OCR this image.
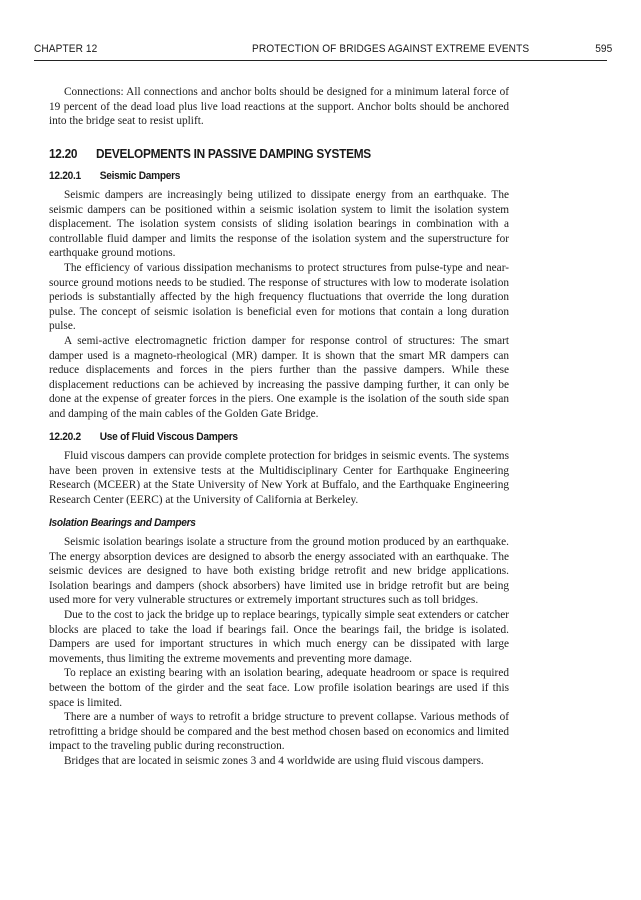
CHAPTER 12	PROTECTION OF BRIDGES AGAINST EXTREME EVENTS	595

Connections: All connections and anchor bolts should be designed for a minimum lateral force of 19 percent of the dead load plus live load reactions at the support. Anchor bolts should be anchored into the bridge seat to resist uplift.

12.20 DEVELOPMENTS IN PASSIVE DAMPING SYSTEMS
12.20.1 Seismic Dampers

Seismic dampers are increasingly being utilized to dissipate energy from an earthquake. The seismic dampers can be positioned within a seismic isolation system to limit the isolation system displacement. The isolation system consists of sliding isolation bearings in combination with a controllable fluid damper and limits the response of the isolation system and the superstructure for earthquake ground motions.

The efficiency of various dissipation mechanisms to protect structures from pulse-type and near-source ground motions needs to be studied. The response of structures with low to moderate isolation periods is substantially affected by the high frequency fluctuations that override the long duration pulse. The concept of seismic isolation is beneficial even for motions that contain a long duration pulse.

A semi-active electromagnetic friction damper for response control of structures: The smart damper used is a magneto-rheological (MR) damper. It is shown that the smart MR dampers can reduce displacements and forces in the piers further than the passive dampers. While these displacement reductions can be achieved by increasing the passive damping further, it can only be done at the expense of greater forces in the piers. One example is the isolation of the south side span and damping of the main cables of the Golden Gate Bridge.

12.20.2 Use of Fluid Viscous Dampers

Fluid viscous dampers can provide complete protection for bridges in seismic events. The systems have been proven in extensive tests at the Multidisciplinary Center for Earthquake Engineering Research (MCEER) at the State University of New York at Buffalo, and the Earthquake Engineering Research Center (EERC) at the University of California at Berkeley.

Isolation Bearings and Dampers

Seismic isolation bearings isolate a structure from the ground motion produced by an earthquake. The energy absorption devices are designed to absorb the energy associated with an earthquake. The seismic devices are designed to have both existing bridge retrofit and new bridge applications. Isolation bearings and dampers (shock absorbers) have limited use in bridge retrofit but are being used more for very vulnerable structures or extremely important structures such as toll bridges.

Due to the cost to jack the bridge up to replace bearings, typically simple seat extenders or catcher blocks are placed to take the load if bearings fail. Once the bearings fail, the bridge is isolated. Dampers are used for important structures in which much energy can be dissipated with large movements, thus limiting the extreme movements and preventing more damage.

To replace an existing bearing with an isolation bearing, adequate headroom or space is required between the bottom of the girder and the seat face. Low profile isolation bearings are used if this space is limited.

There are a number of ways to retrofit a bridge structure to prevent collapse. Various methods of retrofitting a bridge should be compared and the best method chosen based on economics and limited impact to the traveling public during reconstruction.

Bridges that are located in seismic zones 3 and 4 worldwide are using fluid viscous dampers.
